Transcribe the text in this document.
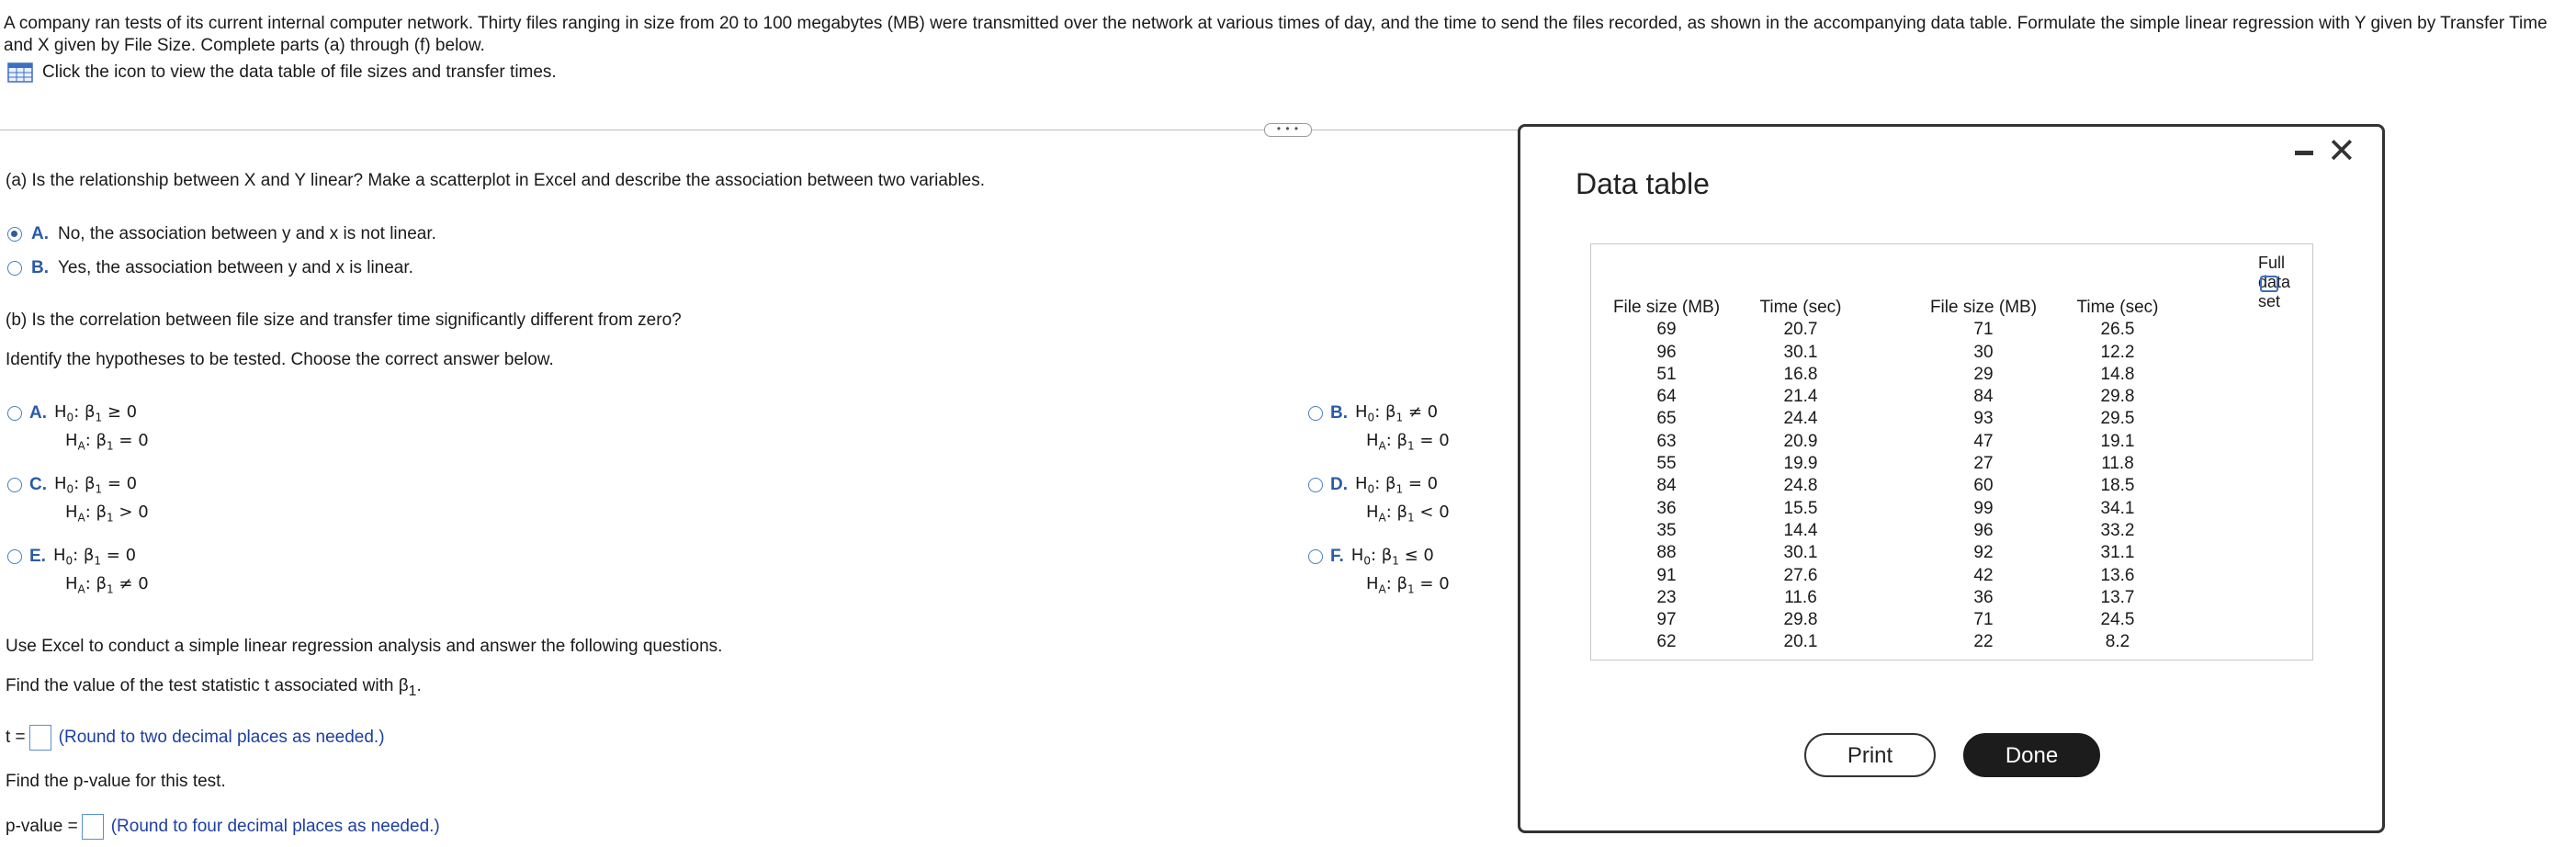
A company ran tests of its current internal computer network. Thirty files ranging in size from 20 to 100 megabytes (MB) were transmitted over the network at various times of day, and the time to send the files recorded, as shown in the accompanying data table. Formulate the simple linear regression with Y given by Transfer Time and X given by File Size. Complete parts (a) through (f) below.
Click the icon to view the data table of file sizes and transfer times.
• • •
(a) Is the relationship between X and Y linear? Make a scatterplot in Excel and describe the association between two variables.
A. No, the association between y and x is not linear.
B. Yes, the association between y and x is linear.
(b) Is the correlation between file size and transfer time significantly different from zero?
Identify the hypotheses to be tested. Choose the correct answer below.
A. $H_0$: $\beta_1 \ge 0$
$H_A$: $\beta_1 = 0$
B. $H_0$: $\beta_1 \ne 0$
$H_A$: $\beta_1 = 0$
C. $H_0$: $\beta_1 = 0$
$H_A$: $\beta_1 > 0$
D. $H_0$: $\beta_1 = 0$
$H_A$: $\beta_1 < 0$
E. $H_0$: $\beta_1 = 0$
$H_A$: $\beta_1 \ne 0$
F. $H_0$: $\beta_1 \le 0$
$H_A$: $\beta_1 = 0$
Use Excel to conduct a simple linear regression analysis and answer the following questions.
Find the value of the test statistic t associated with $\beta_1$.
t = (Round to two decimal places as needed.)
Find the p-value for this test.
p-value = (Round to four decimal places as needed.)
Data table
✕
Full data set
File size (MB)
69
96
51
64
65
63
55
84
36
35
88
91
23
97
62
Time (sec)
20.7
30.1
16.8
21.4
24.4
20.9
19.9
24.8
15.5
14.4
30.1
27.6
11.6
29.8
20.1
File size (MB)
71
30
29
84
93
47
27
60
99
96
92
42
36
71
22
Time (sec)
26.5
12.2
14.8
29.8
29.5
19.1
11.8
18.5
34.1
33.2
31.1
13.6
13.7
24.5
8.2
Print	Done
